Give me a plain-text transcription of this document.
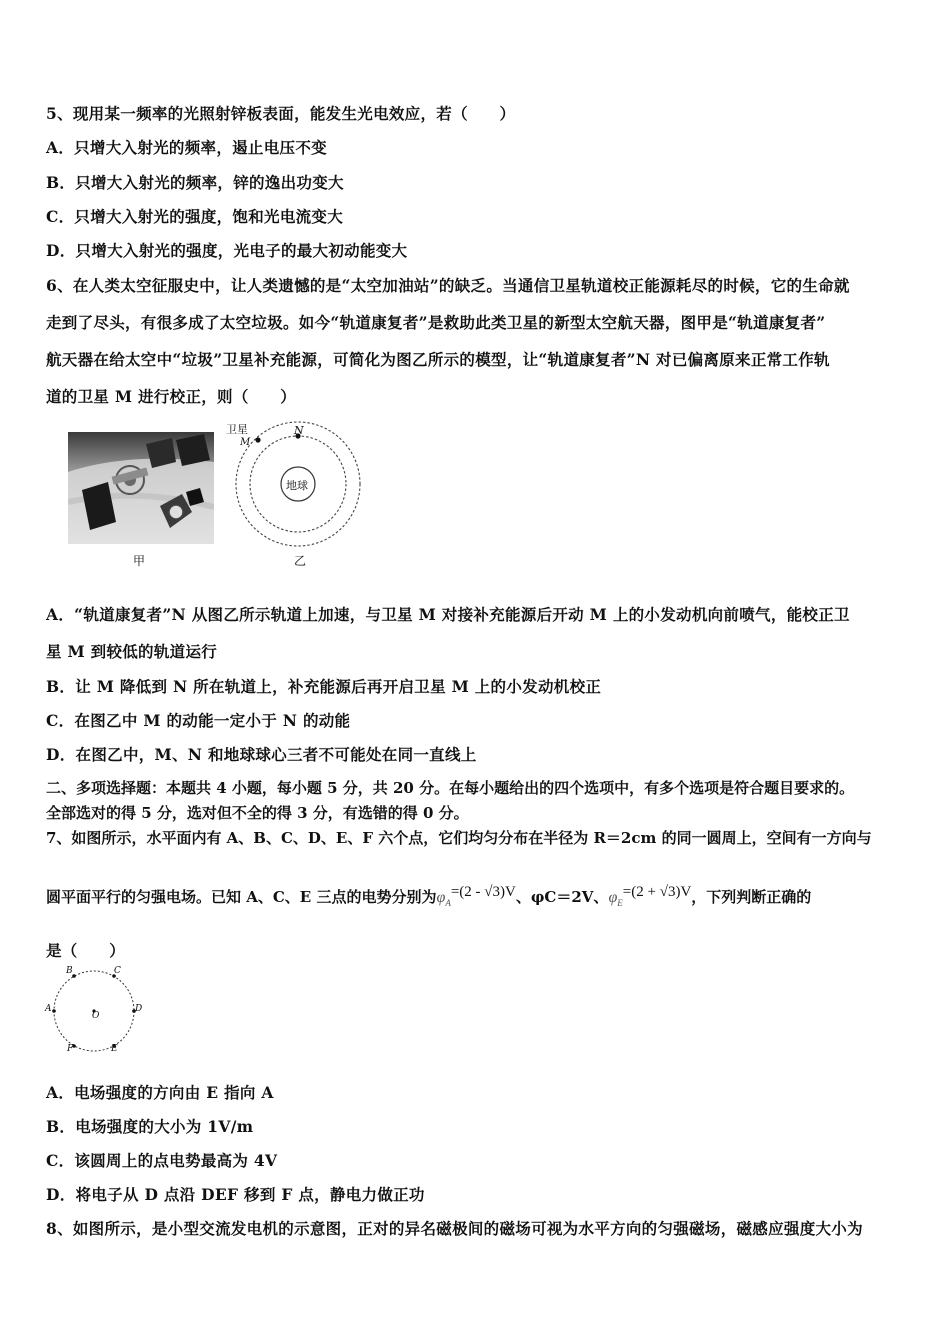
5、现用某一频率的光照射锌板表面，能发生光电效应，若（　　）
A．只增大入射光的频率，遏止电压不变
B．只增大入射光的频率，锌的逸出功变大
C．只增大入射光的强度，饱和光电流变大
D．只增大入射光的强度，光电子的最大初动能变大
6、在人类太空征服史中，让人类遗憾的是“太空加油站”的缺乏。当通信卫星轨道校正能源耗尽的时候，它的生命就
走到了尽头，有很多成了太空垃圾。如今“轨道康复者”是救助此类卫星的新型太空航天器，图甲是“轨道康复者”
航天器在给太空中“垃圾”卫星补充能源，可简化为图乙所示的模型，让“轨道康复者”N 对已偏离原来正常工作轨
道的卫星 M 进行校正，则（　　）
甲
卫星
M
N
地球
乙
A．“轨道康复者”N 从图乙所示轨道上加速，与卫星 M 对接补充能源后开动 M 上的小发动机向前喷气，能校正卫
星 M 到较低的轨道运行
B．让 M 降低到 N 所在轨道上，补充能源后再开启卫星 M 上的小发动机校正
C．在图乙中 M 的动能一定小于 N 的动能
D．在图乙中，M、N 和地球球心三者不可能处在同一直线上
二、多项选择题：本题共 4 小题，每小题 5 分，共 20 分。在每小题给出的四个选项中，有多个选项是符合题目要求的。
全部选对的得 5 分，选对但不全的得 3 分，有选错的得 0 分。
7、如图所示，水平面内有 A、B、C、D、E、F 六个点，它们均匀分布在半径为 R＝2cm 的同一圆周上，空间有一方向与
圆平面平行的匀强电场。已知 A、C、E 三点的电势分别为$\varphi_A=(2 - √3)V$、φC＝2V、$\varphi_E=(2 + √3)V$，下列判断正确的
是（　　）
B	C
A	D
O
F	E
A．电场强度的方向由 E 指向 A
B．电场强度的大小为 1V/m
C．该圆周上的点电势最高为 4V
D．将电子从 D 点沿 DEF 移到 F 点，静电力做正功
8、如图所示，是小型交流发电机的示意图，正对的异名磁极间的磁场可视为水平方向的匀强磁场，磁感应强度大小为
